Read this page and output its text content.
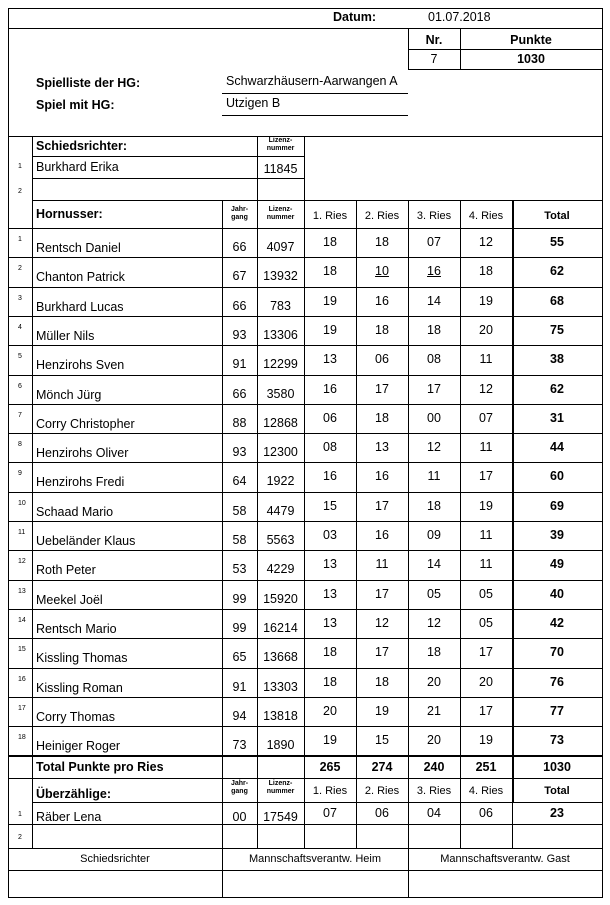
Datum:	01.07.2018
Nr.	Punkte
7	1030
Spielliste der HG:	Schwarzhäusern-Aarwangen A
Spiel mit HG:	Utzigen B
Schiedsrichter:	Lizenz-
nummer
1 Burkhard Erika	11845
2
Hornusser:	Jahr-
gang
Lizenz-
nummer	1. Ries	2. Ries	3. Ries	4. Ries	Total
1
Rentsch Daniel	66	4097	18	18	07	12	55
2
Chanton Patrick	67	13932	18	10	16	18	62
3
Burkhard Lucas	66	783	19	16	14	19	68
4
Müller Nils	93	13306	19	18	18	20	75
5
Henzirohs Sven	91	12299	13	06	08	11	38
6
Mönch Jürg	66	3580	16	17	17	12	62
7
Corry Christopher	88	12868	06	18	00	07	31
8
Henzirohs Oliver	93	12300	08	13	12	11	44
9
Henzirohs Fredi	64	1922	16	16	11	17	60
10
Schaad Mario	58	4479	15	17	18	19	69
11
Uebeländer Klaus	58	5563	03	16	09	11	39
12
Roth Peter	53	4229	13	11	14	11	49
13
Meekel Joël	99	15920	13	17	05	05	40
14
Rentsch Mario	99	16214	13	12	12	05	42
15
Kissling Thomas	65	13668	18	17	18	17	70
16
Kissling Roman	91	13303	18	18	20	20	76
17
Corry Thomas	94	13818	20	19	21	17	77
18
Heiniger Roger	73	1890	19	15	20	19	73
Total Punkte pro Ries	265	274	240	251	1030
Überzählige:
Jahr-
gang
Lizenz-
nummer	1. Ries	2. Ries	3. Ries	4. Ries	Total
1 Räber Lena	00	17549	07	06	04	06	23
2
Schiedsrichter	Mannschaftsverantw. Heim	Mannschaftsverantw. Gast
